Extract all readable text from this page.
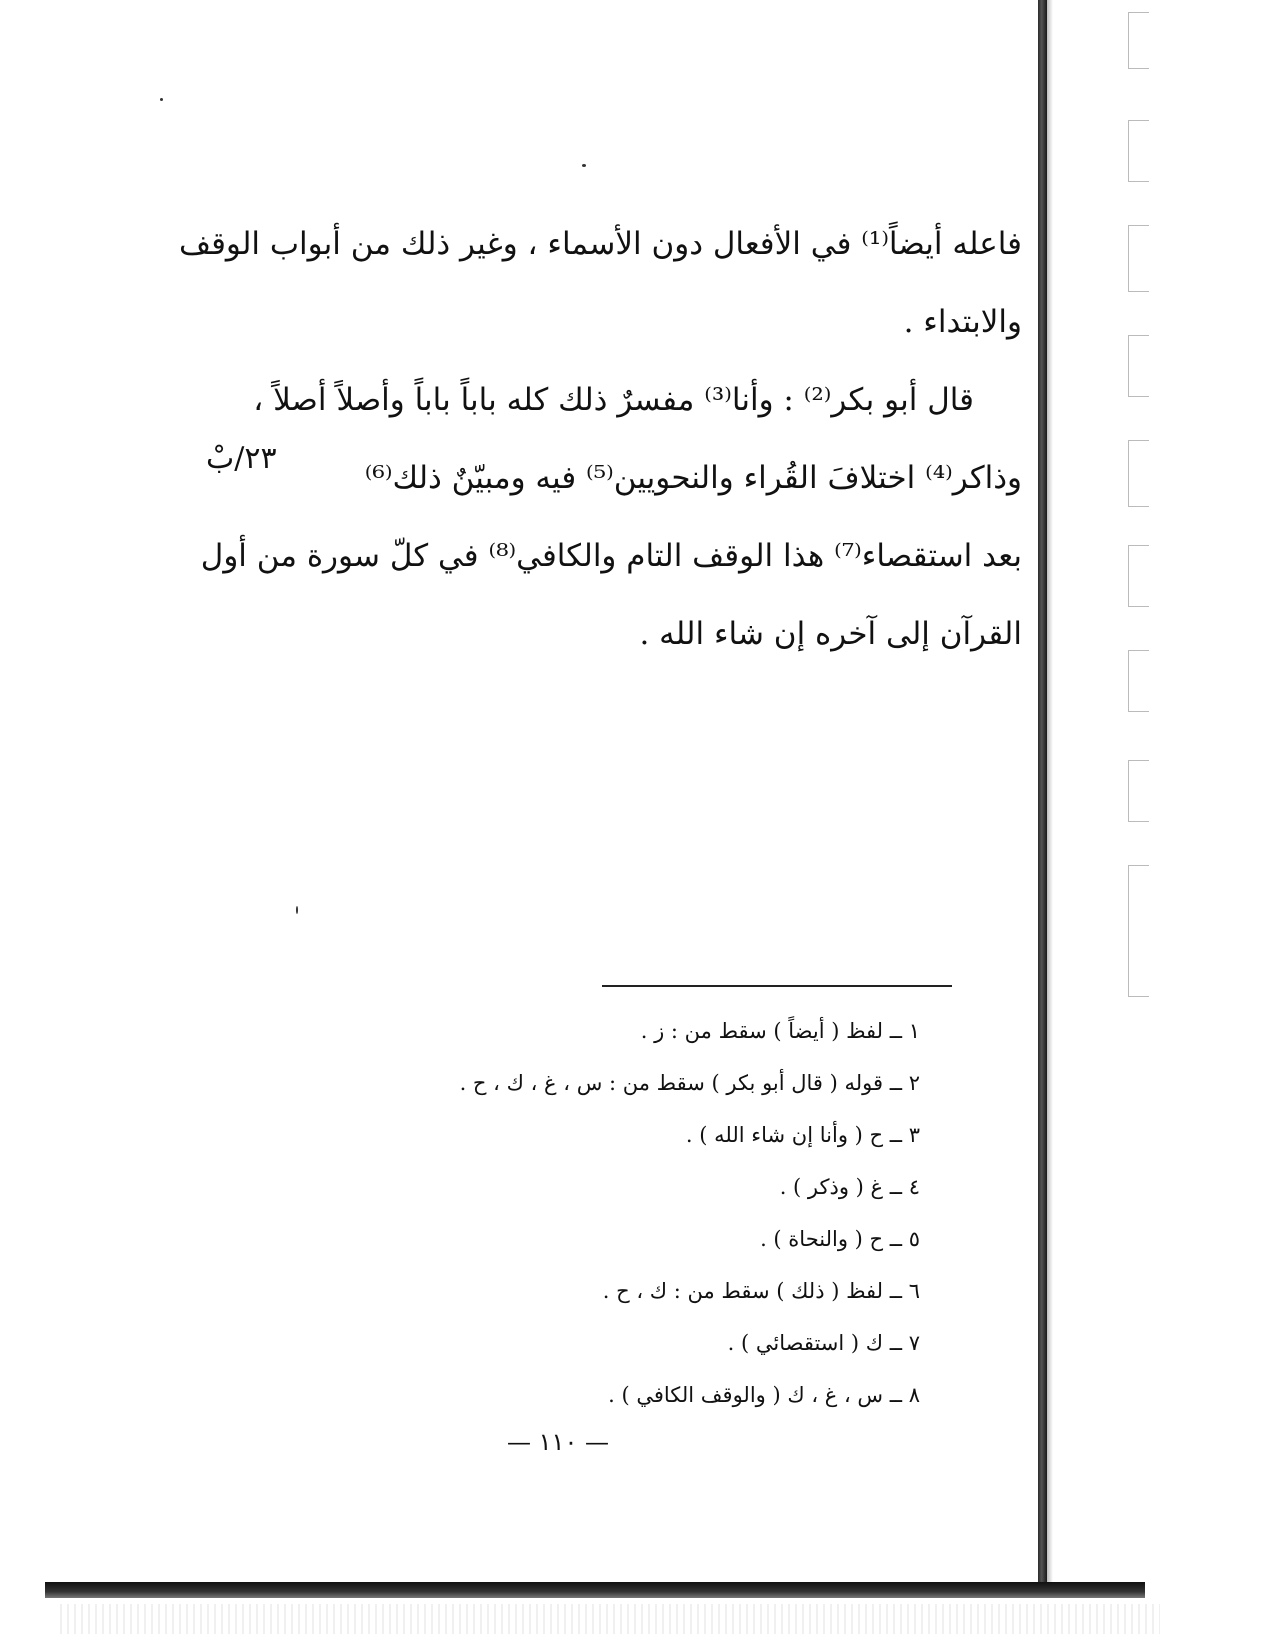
فاعله أيضاً⁽¹⁾ في الأفعال دون الأسماء ، وغير ذلك من أبواب الوقف
والابتداء .
قال أبو بكر⁽²⁾ : وأنا⁽³⁾ مفسرٌ ذلك كله باباً باباً وأصلاً أصلاً ،
وذاكر⁽⁴⁾ اختلافَ القُراء والنحويين⁽⁵⁾ فيه ومبيّنٌ ذلك⁽⁶⁾
بعد استقصاء⁽⁷⁾ هذا الوقف التام والكافي⁽⁸⁾ في كلّ سورة من أول
القرآن إلى آخره إن شاء الله .
٢٣/بْ
١ ــ لفظ ( أيضاً ) سقط من : ز .
٢ ــ قوله ( قال أبو بكر ) سقط من : س ، غ ، ك ، ح .
٣ ــ ح ( وأنا إن شاء الله ) .
٤ ــ غ ( وذكر ) .
٥ ــ ح ( والنحاة ) .
٦ ــ لفظ ( ذلك ) سقط من : ك ، ح .
٧ ــ ك ( استقصائي ) .
٨ ــ س ، غ ، ك ( والوقف الكافي ) .
— ١١٠ —
